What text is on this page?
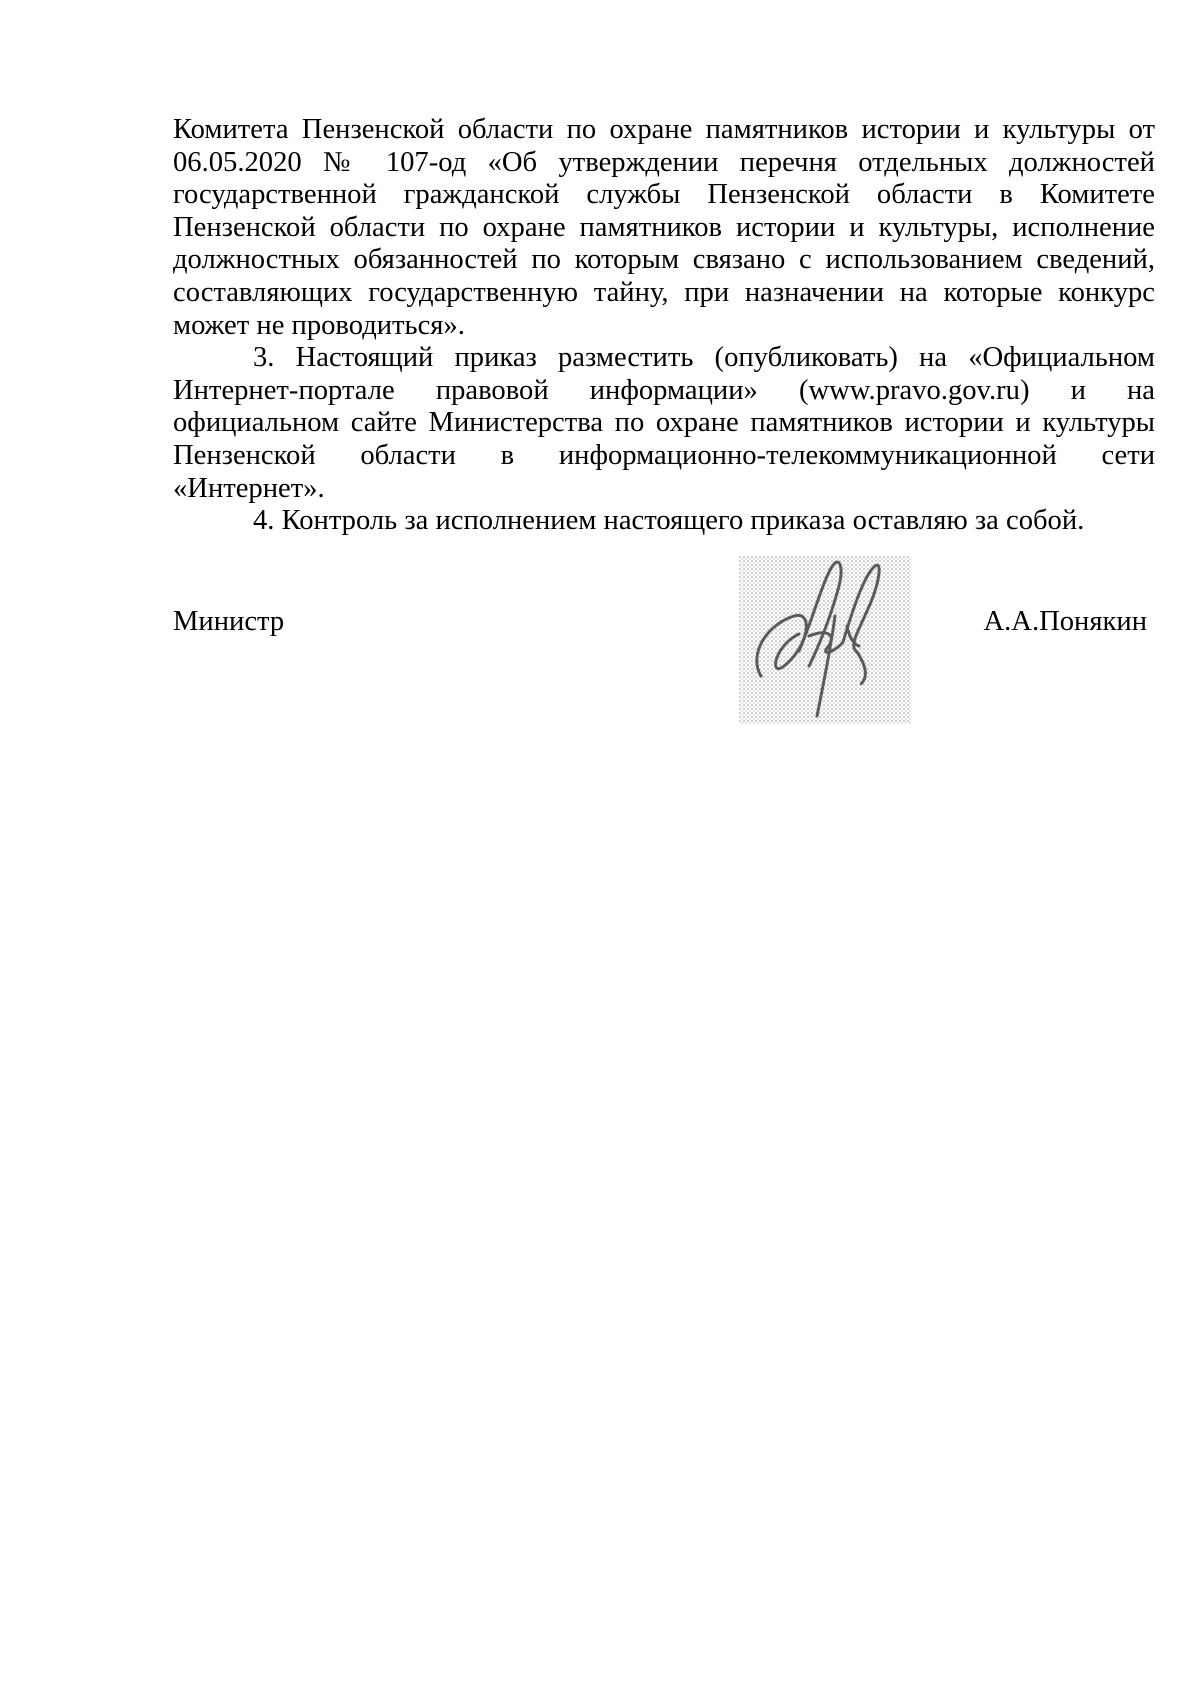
Комитета Пензенской области по охране памятников истории и культуры от 06.05.2020 № 107-од «Об утверждении перечня отдельных должностей государственной гражданской службы Пензенской области в Комитете Пензенской области по охране памятников истории и культуры, исполнение должностных обязанностей по которым связано с использованием сведений, составляющих государственную тайну, при назначении на которые конкурс может не проводиться».

3. Настоящий приказ разместить (опубликовать) на «Официальном Интернет-портале правовой информации» (www.pravo.gov.ru) и на официальном сайте Министерства по охране памятников истории и культуры Пензенской области в информационно-телекоммуникационной сети «Интернет».

4. Контроль за исполнением настоящего приказа оставляю за собой.

Министр	А.А.Понякин
